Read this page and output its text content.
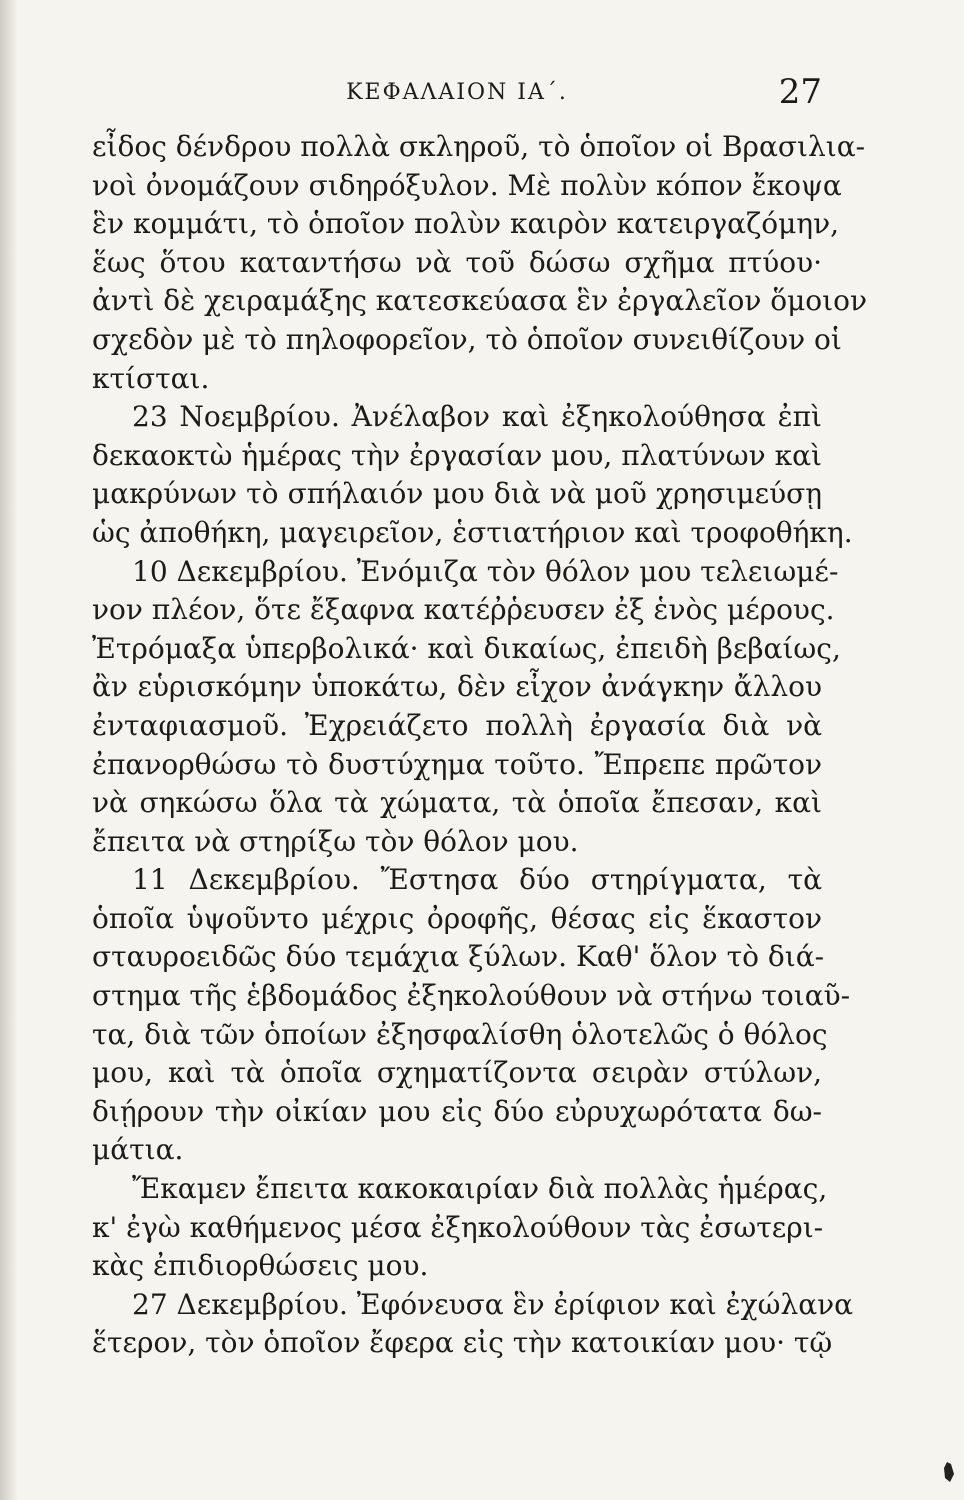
ΚΕΦΑΛΑΙΟΝ ΙΑ΄.	27
εἶδος δένδρου πολλὰ σκληροῦ, τὸ ὁποῖον οἱ Βρασιλια-
νοὶ ὀνομάζουν σιδηρόξυλον. Μὲ πολὺν κόπον ἔκοψα
ἓν κομμάτι, τὸ ὁποῖον πολὺν καιρὸν κατειργαζόμην,
ἕως ὅτου καταντήσω νὰ τοῦ δώσω σχῆμα πτύου·
ἀντὶ δὲ χειραμάξης κατεσκεύασα ἓν ἐργαλεῖον ὅμοιον
σχεδὸν μὲ τὸ πηλοφορεῖον, τὸ ὁποῖον συνειθίζουν οἱ
κτίσται.
23 Νοεμβρίου. Ἀνέλαβον καὶ ἐξηκολούθησα ἐπὶ
δεκαοκτὼ ἡμέρας τὴν ἐργασίαν μου, πλατύνων καὶ
μακρύνων τὸ σπήλαιόν μου διὰ νὰ μοῦ χρησιμεύσῃ
ὡς ἀποθήκη, μαγειρεῖον, ἑστιατήριον καὶ τροφοθήκη.
10 Δεκεμβρίου. Ἐνόμιζα τὸν θόλον μου τελειωμέ-
νον πλέον, ὅτε ἔξαφνα κατέῤῥευσεν ἐξ ἑνὸς μέρους.
Ἐτρόμαξα ὑπερβολικά· καὶ δικαίως, ἐπειδὴ βεβαίως,
ἂν εὑρισκόμην ὑποκάτω, δὲν εἶχον ἀνάγκην ἄλλου
ἐνταφιασμοῦ. Ἐχρειάζετο πολλὴ ἐργασία διὰ νὰ
ἐπανορθώσω τὸ δυστύχημα τοῦτο. Ἔπρεπε πρῶτον
νὰ σηκώσω ὅλα τὰ χώματα, τὰ ὁποῖα ἔπεσαν, καὶ
ἔπειτα νὰ στηρίξω τὸν θόλον μου.
11 Δεκεμβρίου. Ἔστησα δύο στηρίγματα, τὰ
ὁποῖα ὑψοῦντο μέχρις ὀροφῆς, θέσας εἰς ἕκαστον
σταυροειδῶς δύο τεμάχια ξύλων. Καθ' ὅλον τὸ διά-
στημα τῆς ἑβδομάδος ἐξηκολούθουν νὰ στήνω τοιαῦ-
τα, διὰ τῶν ὁποίων ἐξησφαλίσθη ὁλοτελῶς ὁ θόλος
μου, καὶ τὰ ὁποῖα σχηματίζοντα σειρὰν στύλων,
διῄρουν τὴν οἰκίαν μου εἰς δύο εὐρυχωρότατα δω-
μάτια.
Ἔκαμεν ἔπειτα κακοκαιρίαν διὰ πολλὰς ἡμέρας,
κ' ἐγὼ καθήμενος μέσα ἐξηκολούθουν τὰς ἐσωτερι-
κὰς ἐπιδιορθώσεις μου.
27 Δεκεμβρίου. Ἐφόνευσα ἓν ἐρίφιον καὶ ἐχώλανα
ἕτερον, τὸν ὁποῖον ἔφερα εἰς τὴν κατοικίαν μου· τῷ
